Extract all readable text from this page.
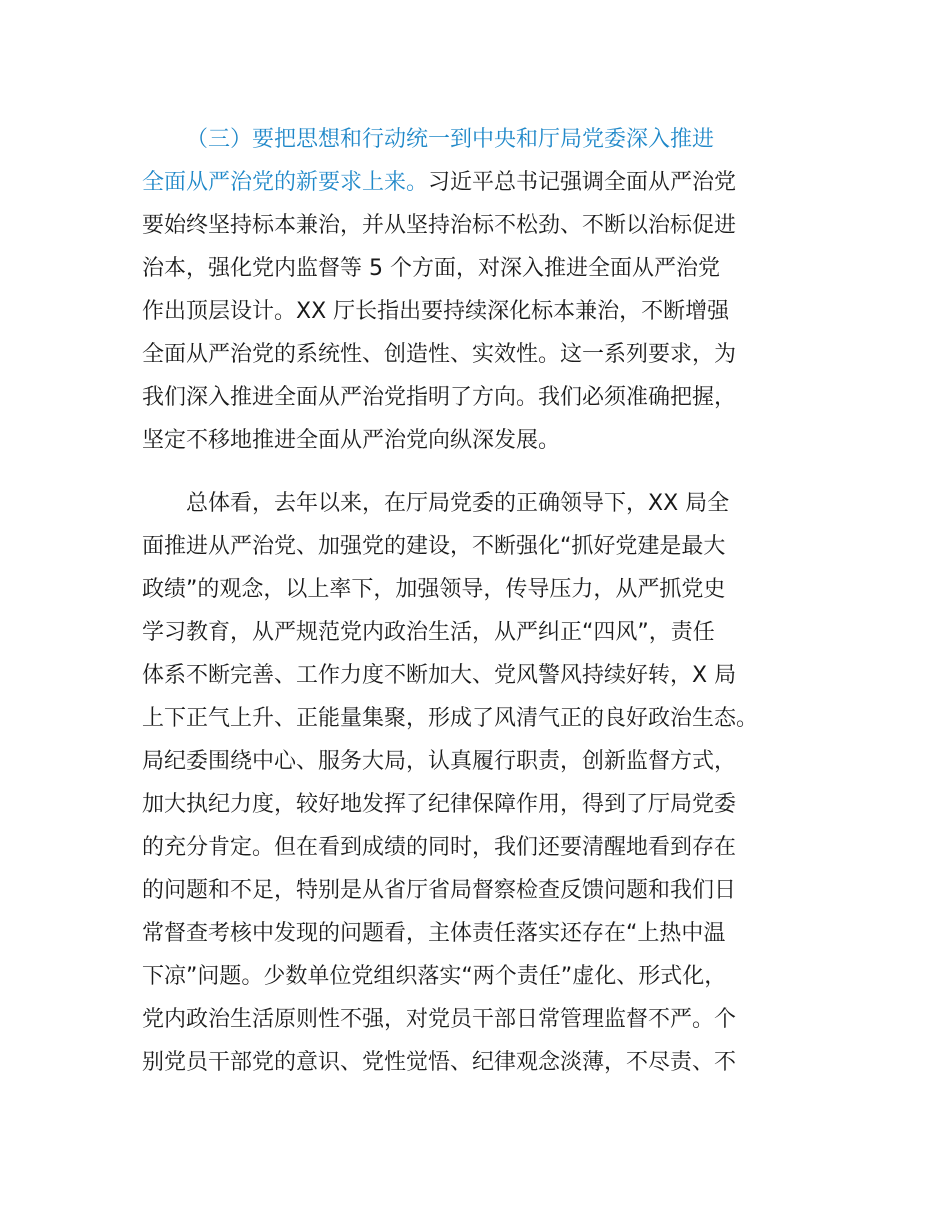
（三）要把思想和行动统一到中央和厅局党委深入推进
全面从严治党的新要求上来。习近平总书记强调全面从严治党
要始终坚持标本兼治，并从坚持治标不松劲、不断以治标促进
治本，强化党内监督等 5 个方面，对深入推进全面从严治党
作出顶层设计。XX 厅长指出要持续深化标本兼治，不断增强
全面从严治党的系统性、创造性、实效性。这一系列要求，为
我们深入推进全面从严治党指明了方向。我们必须准确把握，
坚定不移地推进全面从严治党向纵深发展。
总体看，去年以来，在厅局党委的正确领导下，XX 局全
面推进从严治党、加强党的建设，不断强化“抓好党建是最大
政绩”的观念，以上率下，加强领导，传导压力，从严抓党史
学习教育，从严规范党内政治生活，从严纠正“四风”，责任
体系不断完善、工作力度不断加大、党风警风持续好转，X 局
上下正气上升、正能量集聚，形成了风清气正的良好政治生态。
局纪委围绕中心、服务大局，认真履行职责，创新监督方式，
加大执纪力度，较好地发挥了纪律保障作用，得到了厅局党委
的充分肯定。但在看到成绩的同时，我们还要清醒地看到存在
的问题和不足，特别是从省厅省局督察检查反馈问题和我们日
常督查考核中发现的问题看，主体责任落实还存在“上热中温
下凉”问题。少数单位党组织落实“两个责任”虚化、形式化，
党内政治生活原则性不强，对党员干部日常管理监督不严。个
别党员干部党的意识、党性觉悟、纪律观念淡薄，不尽责、不
